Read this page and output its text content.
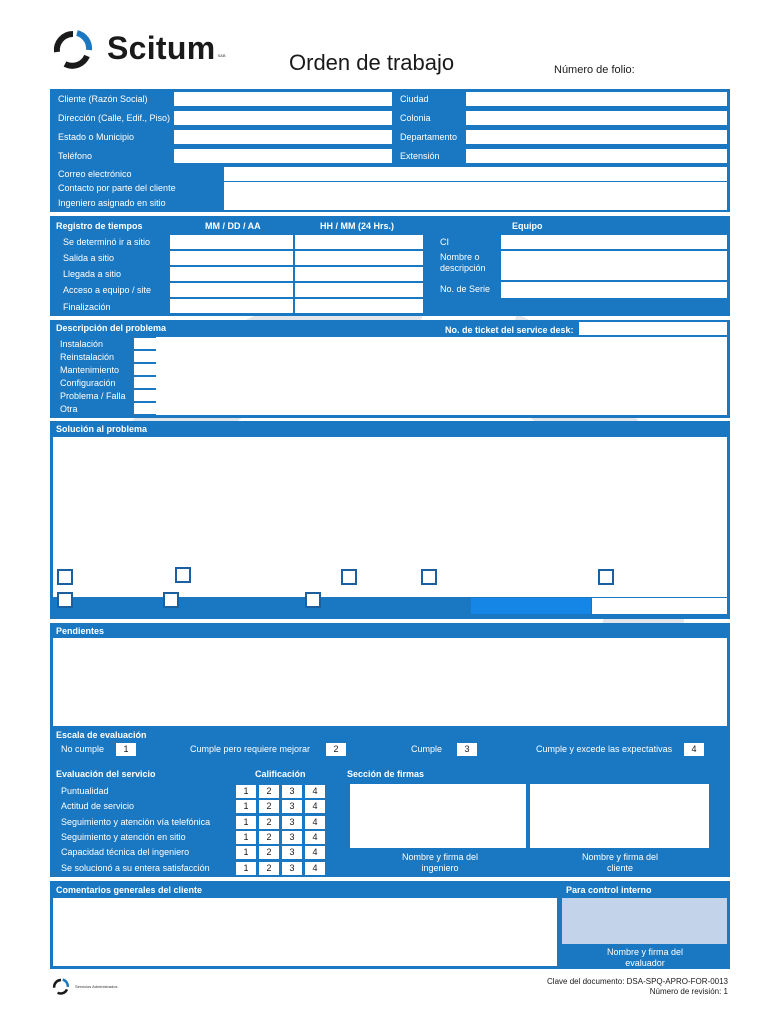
Scitum SAB	Orden de trabajo	Número de folio:
Cliente (Razón Social)	Ciudad
Dirección (Calle, Edif., Piso)	Colonia
Estado o Municipio	Departamento
Teléfono	Extensión
Correo electrónico
Contacto por parte del cliente
Ingeniero asignado en sitio
Registro de tiempos	MM / DD / AA	HH / MM (24 Hrs.)	Equipo
Se determinó ir a sitio
Salida a sitio
Llegada a sitio
Acceso a equipo / site
Finalización
CI
Nombre o descripción
No. de Serie
Descripción del problema	No. de ticket del service desk:
Instalación
Reinstalación
Mantenimiento
Configuración
Problema / Falla
Otra
Solución al problema
Pendientes
Escala de evaluación
No cumple	1	Cumple pero requiere mejorar	2	Cumple	3	Cumple y excede las expectativas	4
Evaluación del servicio	Calificación	Sección de firmas
Puntualidad	1	2	3	4
Actitud de servicio	1	2	3	4
Seguimiento y atención vía telefónica	1	2	3	4
Seguimiento y atención en sitio	1	2	3	4
Capacidad técnica del ingeniero	1	2	3	4
Se solucionó a su entera satisfacción	1	2	3	4
Nombre y firma del ingeniero
Nombre y firma del cliente
Comentarios generales del cliente	Para control interno
Nombre y firma del evaluador
Servicios Administrados	Clave del documento: DSA-SPQ-APRO-FOR-0013
Número de revisión: 1
